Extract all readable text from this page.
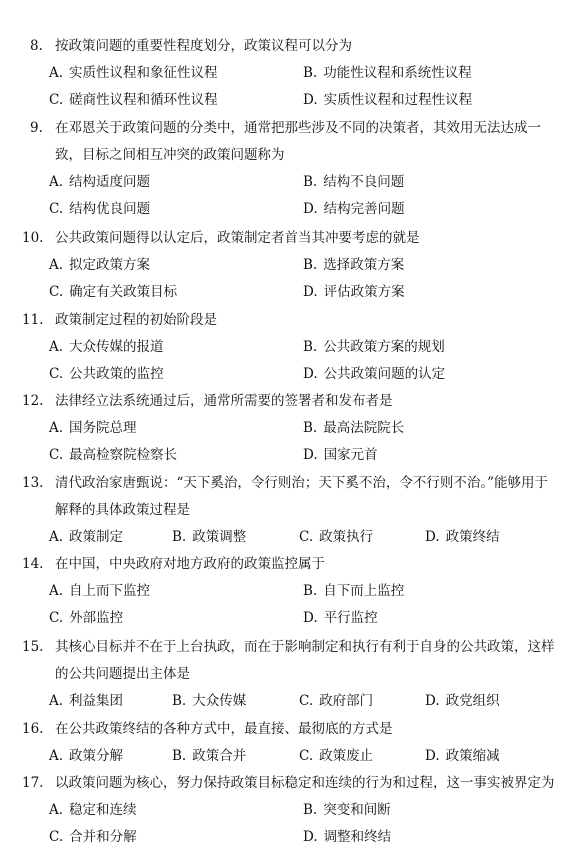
8. 按政策问题的重要性程度划分，政策议程可以分为
A. 实质性议程和象征性议程	B. 功能性议程和系统性议程
C. 磋商性议程和循环性议程	D. 实质性议程和过程性议程
9. 在邓恩关于政策问题的分类中，通常把那些涉及不同的决策者，其效用无法达成一致，目标之间相互冲突的政策问题称为
A. 结构适度问题	B. 结构不良问题
C. 结构优良问题	D. 结构完善问题
10. 公共政策问题得以认定后，政策制定者首当其冲要考虑的就是
A. 拟定政策方案	B. 选择政策方案
C. 确定有关政策目标	D. 评估政策方案
11. 政策制定过程的初始阶段是
A. 大众传媒的报道	B. 公共政策方案的规划
C. 公共政策的监控	D. 公共政策问题的认定
12. 法律经立法系统通过后，通常所需要的签署者和发布者是
A. 国务院总理	B. 最高法院院长
C. 最高检察院检察长	D. 国家元首
13. 清代政治家唐甄说：“天下奚治，令行则治；天下奚不治，令不行则不治。”能够用于解释的具体政策过程是
A. 政策制定	B. 政策调整	C. 政策执行	D. 政策终结
14. 在中国，中央政府对地方政府的政策监控属于
A. 自上而下监控	B. 自下而上监控
C. 外部监控	D. 平行监控
15. 其核心目标并不在于上台执政，而在于影响制定和执行有利于自身的公共政策，这样的公共问题提出主体是
A. 利益集团	B. 大众传媒	C. 政府部门	D. 政党组织
16. 在公共政策终结的各种方式中，最直接、最彻底的方式是
A. 政策分解	B. 政策合并	C. 政策废止	D. 政策缩减
17. 以政策问题为核心，努力保持政策目标稳定和连续的行为和过程，这一事实被界定为
A. 稳定和连续	B. 突变和间断
C. 合并和分解	D. 调整和终结
